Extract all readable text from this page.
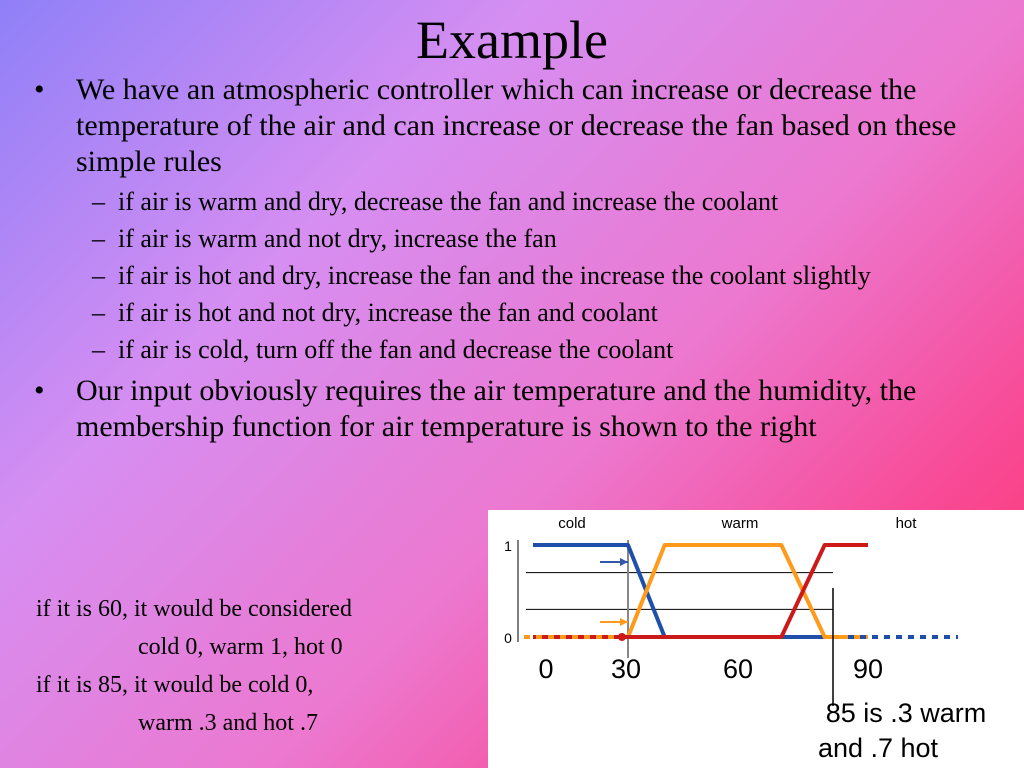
Example
• We have an atmospheric controller which can increase or decrease the temperature of the air and can increase or decrease the fan based on these simple rules
– if air is warm and dry, decrease the fan and increase the coolant
– if air is warm and not dry, increase the fan
– if air is hot and dry, increase the fan and the increase the coolant slightly
– if air is hot and not dry, increase the fan and coolant
– if air is cold, turn off the fan and decrease the coolant
• Our input obviously requires the air temperature and the humidity, the membership function for air temperature is shown to the right
if it is 60, it would be considered
cold 0, warm 1, hot 0
if it is 85, it would be cold 0,
warm .3 and hot .7
cold	warm	hot
1
0
0 30	60	90
85 is .3 warm
and .7 hot
